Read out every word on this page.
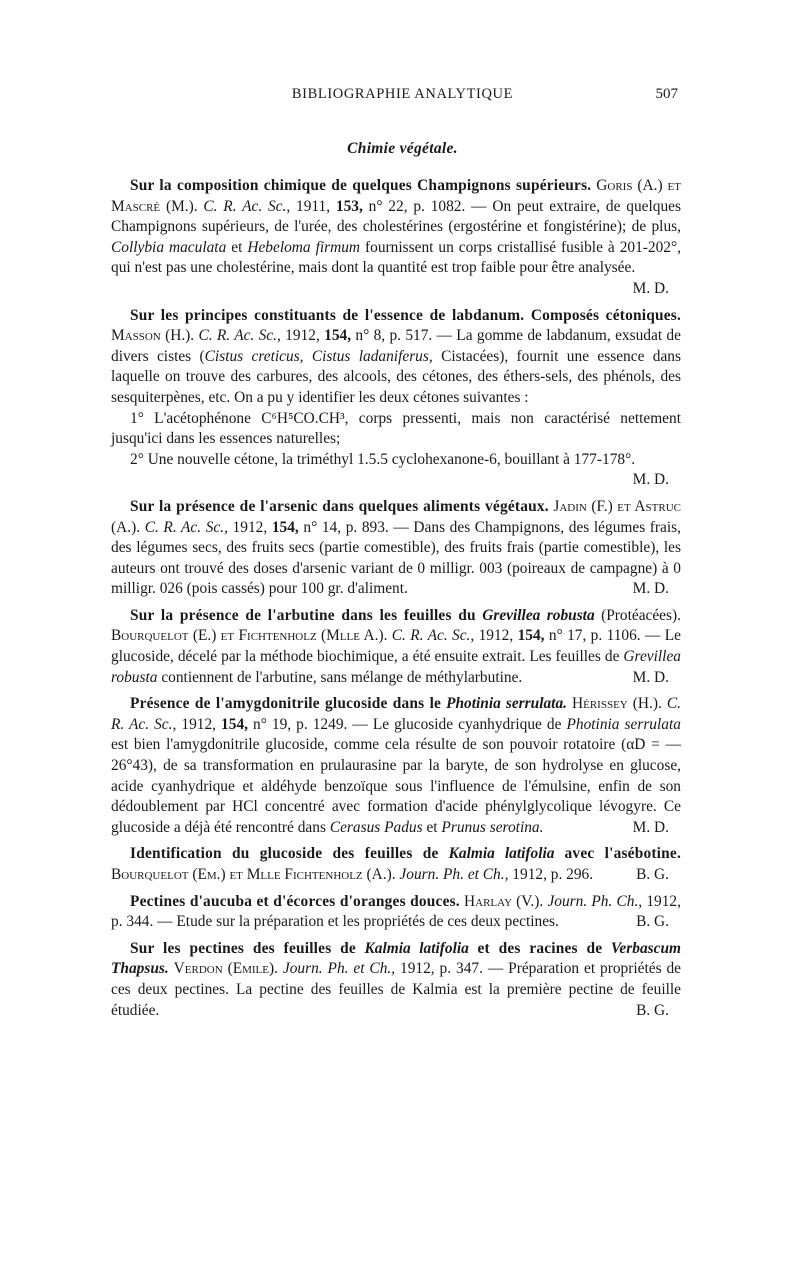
BIBLIOGRAPHIE ANALYTIQUE	507
Chimie végétale.

Sur la composition chimique de quelques Champignons supérieurs. Goris (A.) et Mascré (M.). C. R. Ac. Sc., 1911, 153, n° 22, p. 1082. — On peut extraire, de quelques Champignons supérieurs, de l'urée, des cholestérines (ergostérine et fongistérine); de plus, Collybia maculata et Hebeloma firmum fournissent un corps cristallisé fusible à 201-202°, qui n'est pas une cholestérine, mais dont la quantité est trop faible pour être analysée.

M. D.

Sur les principes constituants de l'essence de labdanum. Composés cétoniques. Masson (H.). C. R. Ac. Sc., 1912, 154, n° 8, p. 517. — La gomme de labdanum, exsudat de divers cistes (Cistus creticus, Cistus ladaniferus, Cistacées), fournit une essence dans laquelle on trouve des carbures, des alcools, des cétones, des éthers-sels, des phénols, des sesquiterpènes, etc. On a pu y identifier les deux cétones suivantes :

1° L'acétophénone C⁶H⁵CO.CH³, corps pressenti, mais non caractérisé nettement jusqu'ici dans les essences naturelles;

2° Une nouvelle cétone, la triméthyl 1.5.5 cyclohexanone-6, bouillant à 177-178°.
M. D.

Sur la présence de l'arsenic dans quelques aliments végétaux. Jadin (F.) et Astruc (A.). C. R. Ac. Sc., 1912, 154, n° 14, p. 893. — Dans des Champignons, des légumes frais, des légumes secs, des fruits secs (partie comestible), des fruits frais (partie comestible), les auteurs ont trouvé des doses d'arsenic variant de 0 milligr. 003 (poireaux de campagne) à 0 milligr. 026 (pois cassés) pour 100 gr. d'aliment.	M. D.

Sur la présence de l'arbutine dans les feuilles du Grevillea robusta (Protéacées). Bourquelot (E.) et Fichtenholz (Mlle A.). C. R. Ac. Sc., 1912, 154, n° 17, p. 1106. — Le glucoside, décelé par la méthode biochimique, a été ensuite extrait. Les feuilles de Grevillea robusta contiennent de l'arbutine, sans mélange de méthylarbutine.	M. D.

Présence de l'amygdonitrile glucoside dans le Photinia serrulata. Hérissey (H.). C. R. Ac. Sc., 1912, 154, n° 19, p. 1249. — Le glucoside cyanhydrique de Photinia serrulata est bien l'amygdonitrile glucoside, comme cela résulte de son pouvoir rotatoire (αD = — 26°43), de sa transformation en prulaurasine par la baryte, de son hydrolyse en glucose, acide cyanhydrique et aldéhyde benzoïque sous l'influence de l'émulsine, enfin de son dédoublement par HCl concentré avec formation d'acide phénylglycolique lévogyre. Ce glucoside a déjà été rencontré dans Cerasus Padus et Prunus serotina.	M. D.

Identification du glucoside des feuilles de Kalmia latifolia avec l'asébotine. Bourquelot (Em.) et Mlle Fichtenholz (A.). Journ. Ph. et Ch., 1912, p. 296.	B. G.

Pectines d'aucuba et d'écorces d'oranges douces. Harlay (V.). Journ. Ph. Ch., 1912, p. 344. — Etude sur la préparation et les propriétés de ces deux pectines.	B. G.

Sur les pectines des feuilles de Kalmia latifolia et des racines de Verbascum Thapsus. Verdon (Emile). Journ. Ph. et Ch., 1912, p. 347. — Préparation et propriétés de ces deux pectines. La pectine des feuilles de Kalmia est la première pectine de feuille étudiée.	B. G.
